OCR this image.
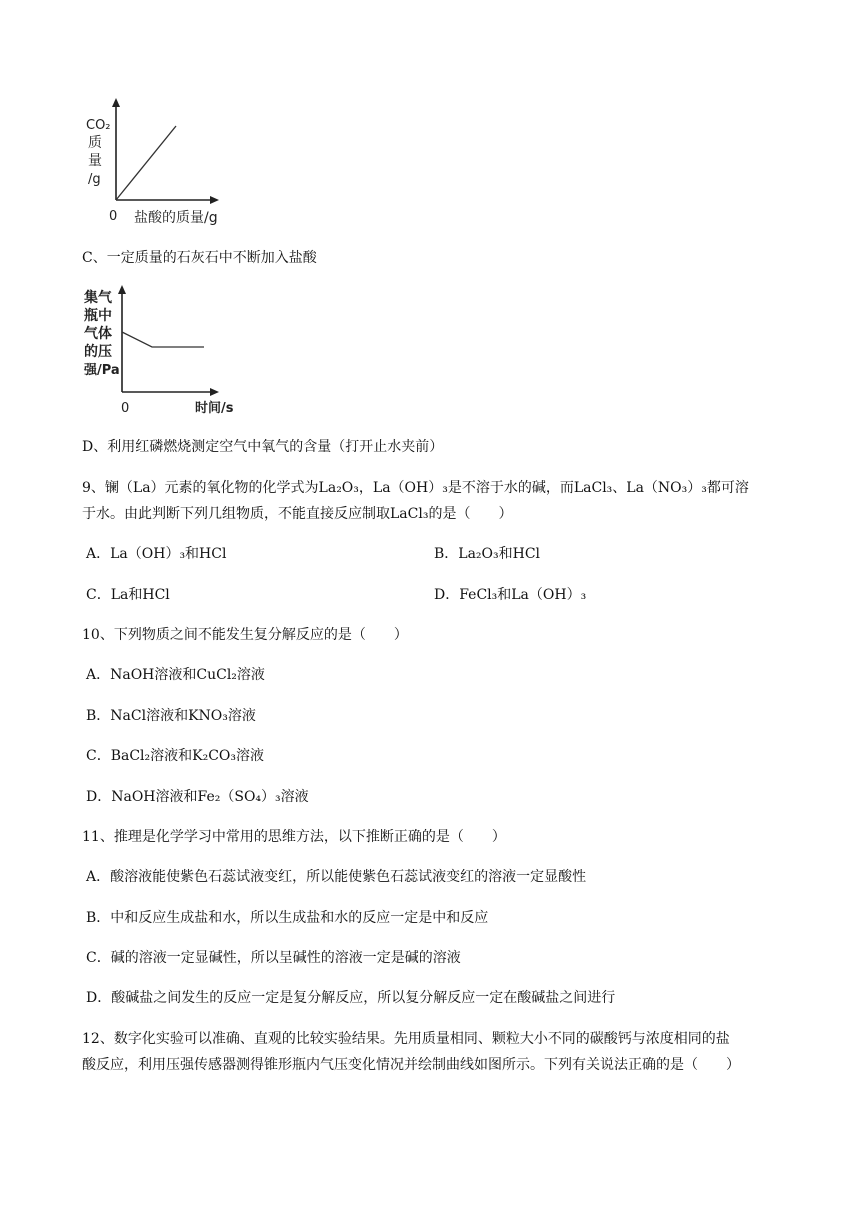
CO₂
质
量
/g
0 盐酸的质量/g
C、一定质量的石灰石中不断加入盐酸
集气
瓶中
气体
的压
强/Pa
0	时间/s
D、利用红磷燃烧测定空气中氧气的含量（打开止水夹前）
9、镧（La）元素的氧化物的化学式为La₂O₃，La（OH）₃是不溶于水的碱，而LaCl₃、La（NO₃）₃都可溶
于水。由此判断下列几组物质，不能直接反应制取LaCl₃的是（　　）
A．La（OH）₃和HCl	B．La₂O₃和HCl
C．La和HCl	D．FeCl₃和La（OH）₃
10、下列物质之间不能发生复分解反应的是（　　）
A．NaOH溶液和CuCl₂溶液
B．NaCl溶液和KNO₃溶液
C．BaCl₂溶液和K₂CO₃溶液
D．NaOH溶液和Fe₂（SO₄）₃溶液
11、推理是化学学习中常用的思维方法，以下推断正确的是（　　）
A．酸溶液能使紫色石蕊试液变红，所以能使紫色石蕊试液变红的溶液一定显酸性
B．中和反应生成盐和水，所以生成盐和水的反应一定是中和反应
C．碱的溶液一定显碱性，所以呈碱性的溶液一定是碱的溶液
D．酸碱盐之间发生的反应一定是复分解反应，所以复分解反应一定在酸碱盐之间进行
12、数字化实验可以准确、直观的比较实验结果。先用质量相同、颗粒大小不同的碳酸钙与浓度相同的盐
酸反应，利用压强传感器测得锥形瓶内气压变化情况并绘制曲线如图所示。下列有关说法正确的是（　　）
